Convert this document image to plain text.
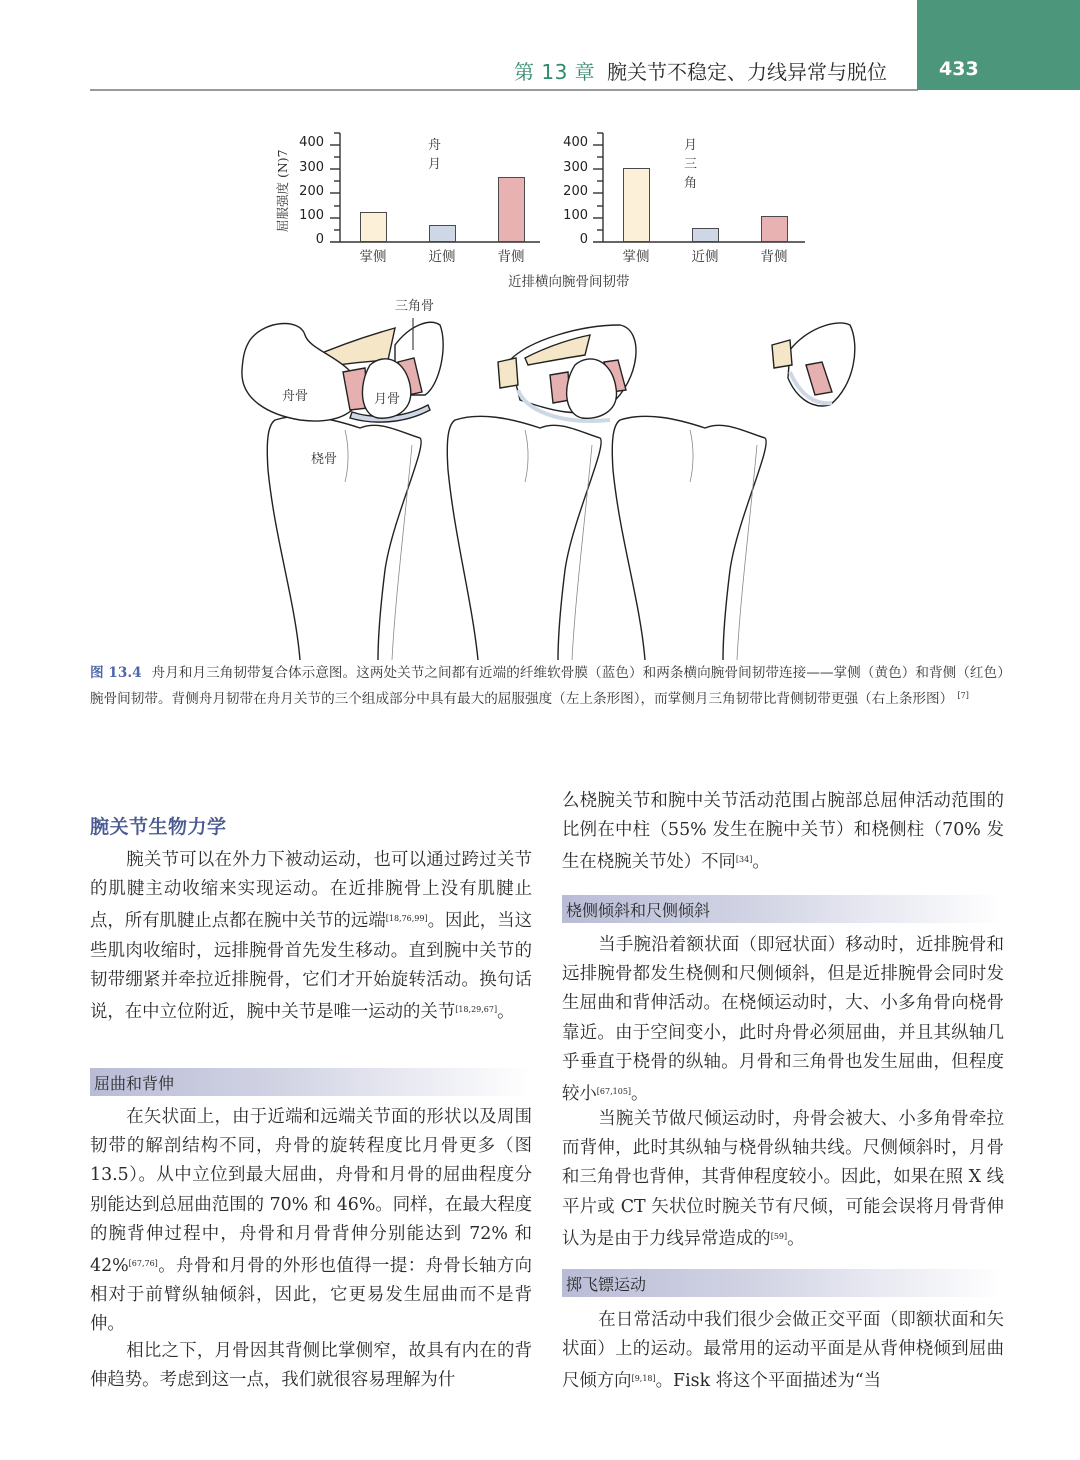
第 13 章 腕关节不稳定、力线异常与脱位	433
屈服强度 (N)7
400
300
200
100
0
舟月
掌侧	近侧	背侧
400
300
200
100
0
月三角
掌侧	近侧	背侧
近排横向腕骨间韧带
三角骨
舟骨	月骨
桡骨
图 13.4 舟月和月三角韧带复合体示意图。这两处关节之间都有近端的纤维软骨膜（蓝色）和两条横向腕骨间韧带连接——掌侧（黄色）和背侧（红色）腕骨间韧带。背侧舟月韧带在舟月关节的三个组成部分中具有最大的屈服强度（左上条形图），而掌侧月三角韧带比背侧韧带更强（右上条形图） [7]
腕关节生物力学

腕关节可以在外力下被动运动，也可以通过跨过关节的肌腱主动收缩来实现运动。在近排腕骨上没有肌腱止点，所有肌腱止点都在腕中关节的远端[18,76,99]。因此，当这些肌肉收缩时，远排腕骨首先发生移动。直到腕中关节的韧带绷紧并牵拉近排腕骨，它们才开始旋转活动。换句话说，在中立位附近，腕中关节是唯一运动的关节[18,29,67]。

屈曲和背伸

在矢状面上，由于近端和远端关节面的形状以及周围韧带的解剖结构不同，舟骨的旋转程度比月骨更多（图 13.5）。从中立位到最大屈曲，舟骨和月骨的屈曲程度分别能达到总屈曲范围的 70% 和 46%。同样，在最大程度的腕背伸过程中，舟骨和月骨背伸分别能达到 72% 和 42%[67,76]。舟骨和月骨的外形也值得一提：舟骨长轴方向相对于前臂纵轴倾斜，因此，它更易发生屈曲而不是背伸。

相比之下，月骨因其背侧比掌侧窄，故具有内在的背伸趋势。考虑到这一点，我们就很容易理解为什

么桡腕关节和腕中关节活动范围占腕部总屈伸活动范围的比例在中柱（55% 发生在腕中关节）和桡侧柱（70% 发生在桡腕关节处）不同[34]。

桡侧倾斜和尺侧倾斜

当手腕沿着额状面（即冠状面）移动时，近排腕骨和远排腕骨都发生桡侧和尺侧倾斜，但是近排腕骨会同时发生屈曲和背伸活动。在桡倾运动时，大、小多角骨向桡骨靠近。由于空间变小，此时舟骨必须屈曲，并且其纵轴几乎垂直于桡骨的纵轴。月骨和三角骨也发生屈曲，但程度较小[67,105]。

当腕关节做尺倾运动时，舟骨会被大、小多角骨牵拉而背伸，此时其纵轴与桡骨纵轴共线。尺侧倾斜时，月骨和三角骨也背伸，其背伸程度较小。因此，如果在照 X 线平片或 CT 矢状位时腕关节有尺倾，可能会误将月骨背伸认为是由于力线异常造成的[59]。

掷飞镖运动

在日常活动中我们很少会做正交平面（即额状面和矢状面）上的运动。最常用的运动平面是从背伸桡倾到屈曲尺倾方向[9,18]。Fisk 将这个平面描述为“当
